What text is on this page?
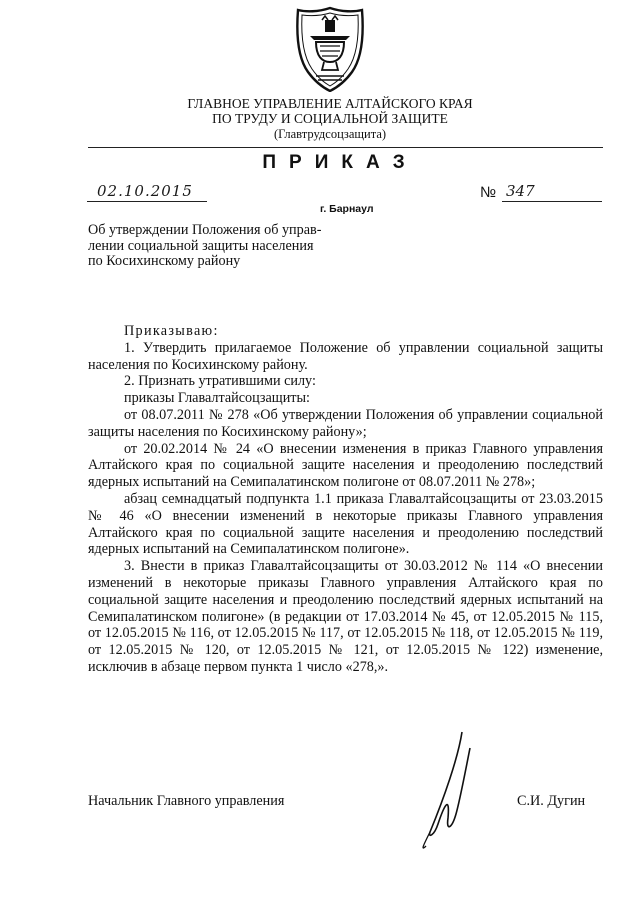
ГЛАВНОЕ УПРАВЛЕНИЕ АЛТАЙСКОГО КРАЯ
ПО ТРУДУ И СОЦИАЛЬНОЙ ЗАЩИТЕ
(Главтрудсоцзащита)
ПРИКАЗ
02.10.2015
г. Барнаул
№ 347
Об утверждении Положения об управ-
лении социальной защиты населения
по Косихинскому району

Приказываю:

1. Утвердить прилагаемое Положение об управлении социальной защиты населения по Косихинскому району.

2. Признать утратившими силу:

приказы Главалтайсоцзащиты:

от 08.07.2011 № 278 «Об утверждении Положения об управлении социальной защиты населения по Косихинскому району»;

от 20.02.2014 № 24 «О внесении изменения в приказ Главного управления Алтайского края по социальной защите населения и преодолению последствий ядерных испытаний на Семипалатинском полигоне от 08.07.2011 № 278»;

абзац семнадцатый подпункта 1.1 приказа Главалтайсоцзащиты от 23.03.2015 № 46 «О внесении изменений в некоторые приказы Главного управления Алтайского края по социальной защите населения и преодолению последствий ядерных испытаний на Семипалатинском полигоне».

3. Внести в приказ Главалтайсоцзащиты от 30.03.2012 № 114 «О внесении изменений в некоторые приказы Главного управления Алтайского края по социальной защите населения и преодолению последствий ядерных испытаний на Семипалатинском полигоне» (в редакции от 17.03.2014 № 45, от 12.05.2015 № 115, от 12.05.2015 № 116, от 12.05.2015 № 117, от 12.05.2015 № 118, от 12.05.2015 № 119, от 12.05.2015 № 120, от 12.05.2015 № 121, от 12.05.2015 № 122) изменение, исключив в абзаце первом пункта 1 число «278,».

Начальник Главного управления	С.И. Дугин
